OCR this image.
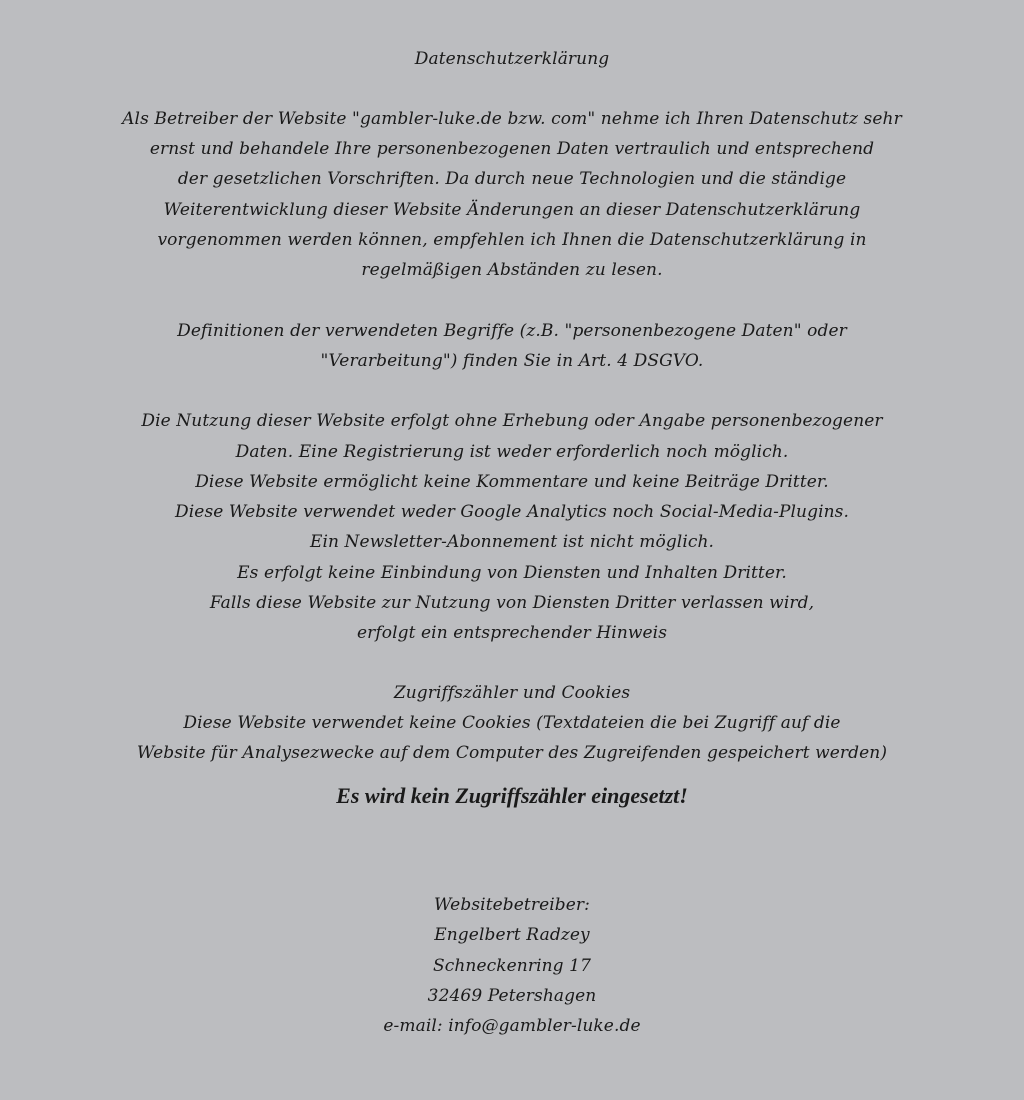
Datenschutzerklärung
Als Betreiber der Website "gambler-luke.de bzw. com" nehme ich Ihren Datenschutz sehr
ernst und behandele Ihre personenbezogenen Daten vertraulich und entsprechend
der gesetzlichen Vorschriften. Da durch neue Technologien und die ständige
Weiterentwicklung dieser Website Änderungen an dieser Datenschutzerklärung
vorgenommen werden können, empfehlen ich Ihnen die Datenschutzerklärung in
regelmäßigen Abständen zu lesen.
Definitionen der verwendeten Begriffe (z.B. "personenbezogene Daten" oder
"Verarbeitung") finden Sie in Art. 4 DSGVO.
Die Nutzung dieser Website erfolgt ohne Erhebung oder Angabe personenbezogener
Daten. Eine Registrierung ist weder erforderlich noch möglich.
Diese Website ermöglicht keine Kommentare und keine Beiträge Dritter.
Diese Website verwendet weder Google Analytics noch Social-Media-Plugins.
Ein Newsletter-Abonnement ist nicht möglich.
Es erfolgt keine Einbindung von Diensten und Inhalten Dritter.
Falls diese Website zur Nutzung von Diensten Dritter verlassen wird,
erfolgt ein entsprechender Hinweis
Zugriffszähler und Cookies
Diese Website verwendet keine Cookies (Textdateien die bei Zugriff auf die
Website für Analysezwecke auf dem Computer des Zugreifenden gespeichert werden)
Es wird kein Zugriffszähler eingesetzt!
Websitebetreiber:
Engelbert Radzey
Schneckenring 17
32469 Petershagen
e-mail: info@gambler-luke.de
